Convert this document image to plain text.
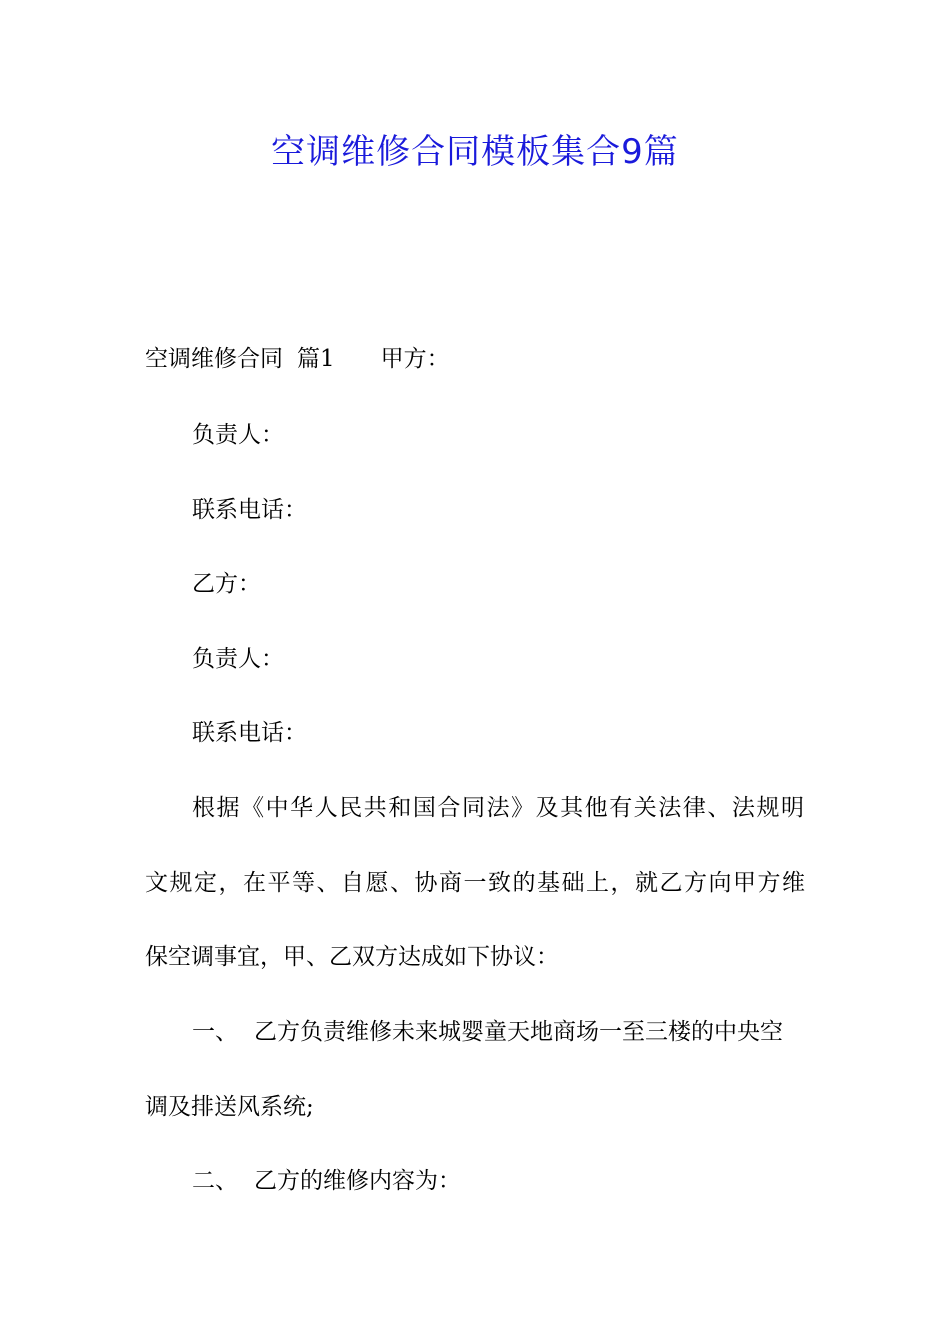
空调维修合同模板集合9篇
空调维修合同 篇1 甲方：
负责人：
联系电话：
乙方：
负责人：
联系电话：
根据《中华人民共和国合同法》及其他有关法律、法规明
文规定，在平等、自愿、协商一致的基础上，就乙方向甲方维
保空调事宜，甲、乙双方达成如下协议：
一、 乙方负责维修未来城婴童天地商场一至三楼的中央空
调及排送风系统;
二、 乙方的维修内容为：
